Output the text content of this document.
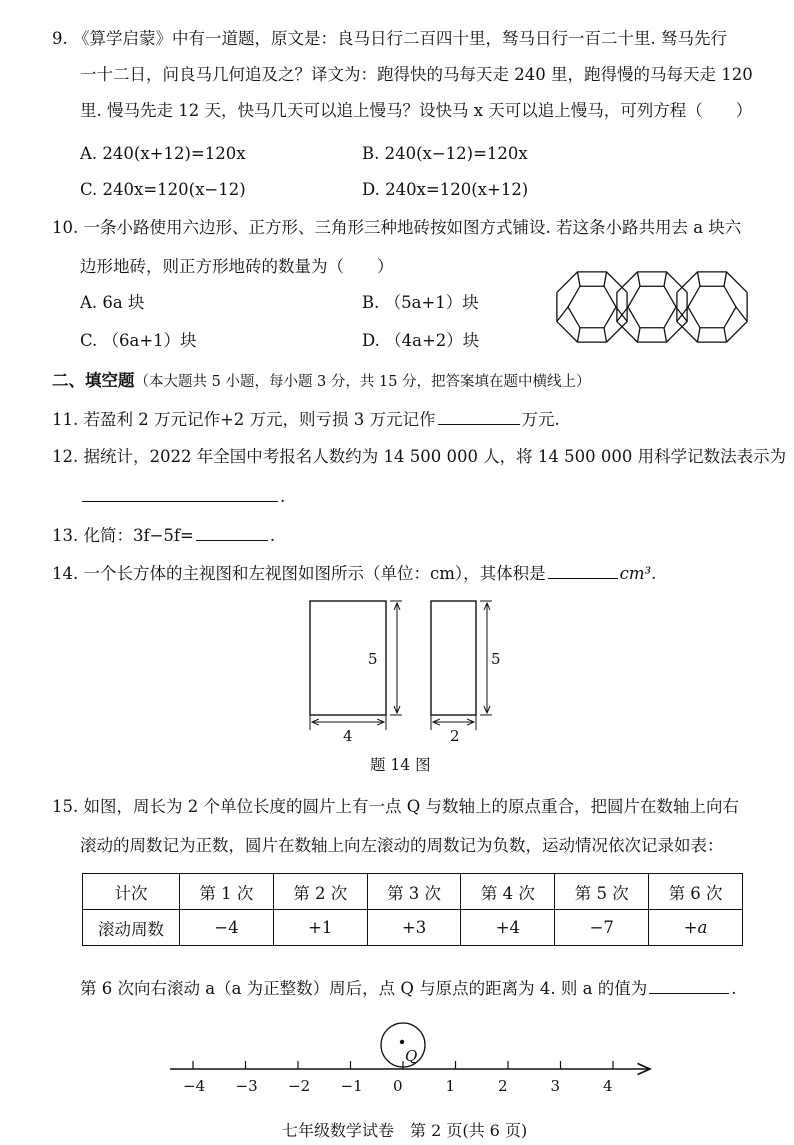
9. 《算学启蒙》中有一道题，原文是：良马日行二百四十里，驽马日行一百二十里. 驽马先行
一十二日，问良马几何追及之？译文为：跑得快的马每天走 240 里，跑得慢的马每天走 120
里. 慢马先走 12 天，快马几天可以追上慢马？设快马 x 天可以追上慢马，可列方程（　　）
A. 240(x+12)=120x	B. 240(x−12)=120x
C. 240x=120(x−12)	D. 240x=120(x+12)
10. 一条小路使用六边形、正方形、三角形三种地砖按如图方式铺设. 若这条小路共用去 a 块六
边形地砖，则正方形地砖的数量为（　　）
A. 6a 块	B. （5a+1）块
C. （6a+1）块	D. （4a+2）块
二、填空题（本大题共 5 小题，每小题 3 分，共 15 分，把答案填在题中横线上）
11. 若盈利 2 万元记作+2 万元，则亏损 3 万元记作	万元.
12. 据统计，2022 年全国中考报名人数约为 14 500 000 人，将 14 500 000 用科学记数法表示为
.
13. 化简：3f−5f=	.
14. 一个长方体的主视图和左视图如图所示（单位：cm），其体积是	cm³.
5
4
5
2
题 14 图
15. 如图，周长为 2 个单位长度的圆片上有一点 Q 与数轴上的原点重合，把圆片在数轴上向右
滚动的周数记为正数，圆片在数轴上向左滚动的周数记为负数，运动情况依次记录如表：
计次	第 1 次	第 2 次	第 3 次	第 4 次	第 5 次	第 6 次
滚动周数	−4	+1	+3	+4	−7	+a
第 6 次向右滚动 a（a 为正整数）周后，点 Q 与原点的距离为 4. 则 a 的值为	.
Q
−4 −3 −2 −1 0	1	2	3	4
七年级数学试卷　第 2 页(共 6 页)
